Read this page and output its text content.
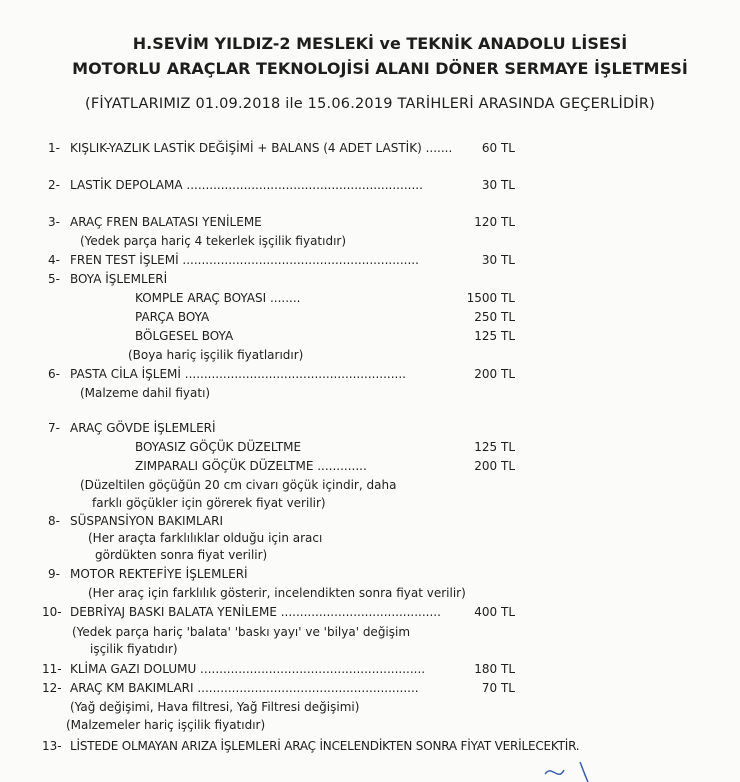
H.SEVİM YILDIZ-2 MESLEKİ ve TEKNİK ANADOLU LİSESİ
MOTORLU ARAÇLAR TEKNOLOJİSİ ALANI DÖNER SERMAYE İŞLETMESİ
(FİYATLARIMIZ 01.09.2018 ile 15.06.2019 TARİHLERİ ARASINDA GEÇERLİDİR)
1- KIŞLIK-YAZLIK LASTİK DEĞİŞİMİ + BALANS (4 ADET LASTİK) ....... 60 TL
2- LASTİK DEPOLAMA ..............................................................	30 TL
3- ARAÇ FREN BALATASI YENİLEME	120 TL
(Yedek parça hariç 4 tekerlek işçilik fiyatıdır)
4- FREN TEST İŞLEMİ ..............................................................	30 TL
5- BOYA İŞLEMLERİ
KOMPLE ARAÇ BOYASI ........	1500 TL
PARÇA BOYA	250 TL
BÖLGESEL BOYA	125 TL
(Boya hariç işçilik fiyatlarıdır)
6- PASTA CİLA İŞLEMİ ..........................................................	200 TL
(Malzeme dahil fiyatı)
7- ARAÇ GÖVDE İŞLEMLERİ
BOYASIZ GÖÇÜK DÜZELTME	125 TL
ZIMPARALI GÖÇÜK DÜZELTME .............	200 TL
(Düzeltilen göçüğün 20 cm civarı göçük içindir, daha
farklı göçükler için görerek fiyat verilir)
8- SÜSPANSİYON BAKIMLARI
(Her araçta farklılıklar olduğu için aracı
gördükten sonra fiyat verilir)
9- MOTOR REKTEFİYE İŞLEMLERİ
(Her araç için farklılık gösterir, incelendikten sonra fiyat verilir)
10- DEBRİYAJ BASKI BALATA YENİLEME ..........................................	400 TL
(Yedek parça hariç 'balata' 'baskı yayı' ve 'bilya' değişim
işçilik fiyatıdır)
11- KLİMA GAZI DOLUMU ...........................................................	180 TL
12- ARAÇ KM BAKIMLARI ..........................................................	70 TL
(Yağ değişimi, Hava filtresi, Yağ Filtresi değişimi)
(Malzemeler hariç işçilik fiyatıdır)
13- LİSTEDE OLMAYAN ARIZA İŞLEMLERİ ARAÇ İNCELENDİKTEN SONRA FİYAT VERİLECEKTİR.
